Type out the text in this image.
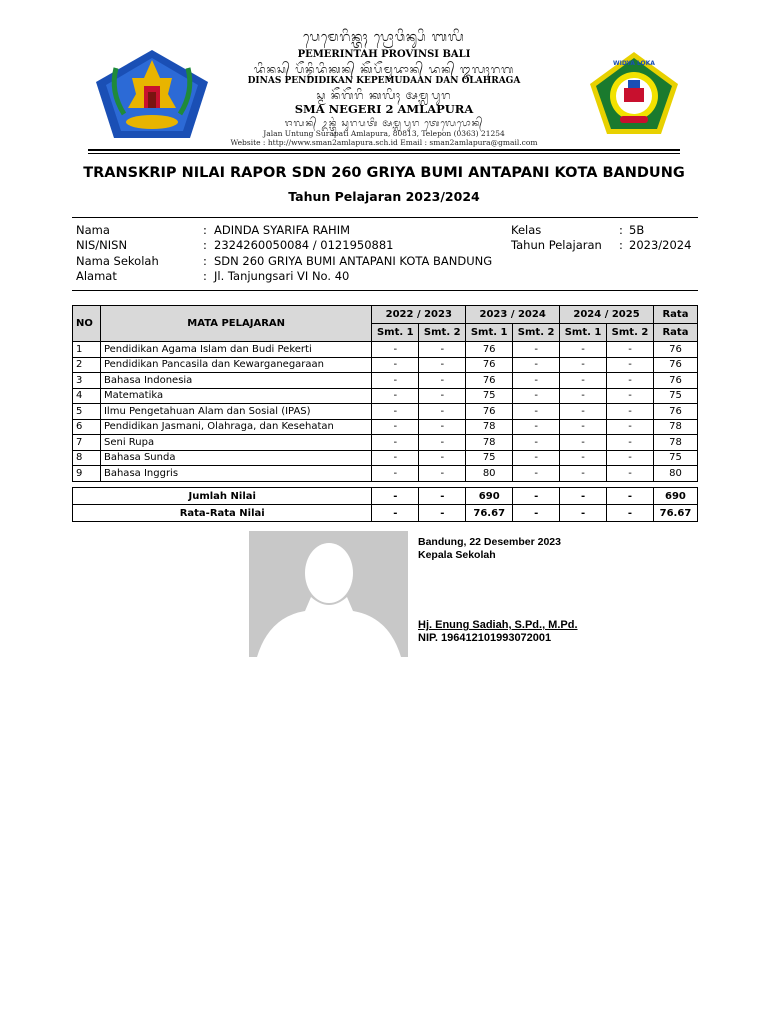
WIDYA LOKA
ᬧᬾᬫᬾᬭᬶᬦ᭄ᬢᬄ ᬧ᭄ᬭᭀᬯᬶᬦ᭄ᬲᬶ ᬩᬮᬶ
PEMERINTAH PROVINSI BALI
ᬤᬶᬦᬲ᭄ ᬧᭂᬦ᭄ᬤᬶᬤᬶᬓᬦ᭄ ᬓᭂᬧᭂᬫᬸᬤᬵᬦ᭄ ᬤᬦ᭄ ᬑᬮᬄᬭᬕ
DINAS PENDIDIKAN KEPEMUDAAN DAN OLAHRAGA
ᬲ᭄ᬫ ᬦᭂᬕᭂᬭᬶ ᬓᬮᬶᬄ ᬅᬫ᭄ᬮᬧᬸᬭ
SMA NEGERI 2 AMLAPURA
ᬚᬮᬦ᭄ ᬉᬦ᭄ᬢᬸᬂ ᬲᬸᬭᬧᬢᬶ ᬅᬫ᭄ᬮᬧᬸᬭ ᬢᬾᬮᬾᬧᭀᬦ᭄
Jalan Untung Surapati Amlapura, 80813, Telepon (0363) 21254
Website : http://www.sman2amlapura.sch.id Email : sman2amlapura@gmail.com
TRANSKRIP NILAI RAPOR SDN 260 GRIYA BUMI ANTAPANI KOTA BANDUNG
Tahun Pelajaran 2023/2024
Nama	: ADINDA SYARIFA RAHIM
NIS/NISN	: 2324260050084 / 0121950881
Nama Sekolah	: SDN 260 GRIYA BUMI ANTAPANI KOTA BANDUNG
Alamat	: Jl. Tanjungsari VI No. 40
Kelas	: 5B
Tahun Pelajaran : 2023/2024
NO	MATA PELAJARAN	2022 / 2023		2023 / 2024		2024 / 2025		Rata
		Smt. 1	Smt. 2	Smt. 1	Smt. 2	Smt. 1	Smt. 2	Rata
1	Pendidikan Agama Islam dan Budi Pekerti	-	-	76	-	-	-	76
2	Pendidikan Pancasila dan Kewarganegaraan	-	-	76	-	-	-	76
3	Bahasa Indonesia	-	-	76	-	-	-	76
4	Matematika	-	-	75	-	-	-	75
5	Ilmu Pengetahuan Alam dan Sosial (IPAS)	-	-	76	-	-	-	76
6	Pendidikan Jasmani, Olahraga, dan Kesehatan	-	-	78	-	-	-	78
7	Seni Rupa	-	-	78	-	-	-	78
8	Bahasa Sunda	-	-	75	-	-	-	75
9	Bahasa Inggris	-	-	80	-	-	-	80
Jumlah Nilai	-	-	690	-	-	-	690
Rata-Rata Nilai	-	-	76.67	-	-	-	76.67
Bandung, 22 Desember 2023
Kepala Sekolah
Hj. Enung Sadiah, S.Pd., M.Pd.
NIP. 196412101993072001
